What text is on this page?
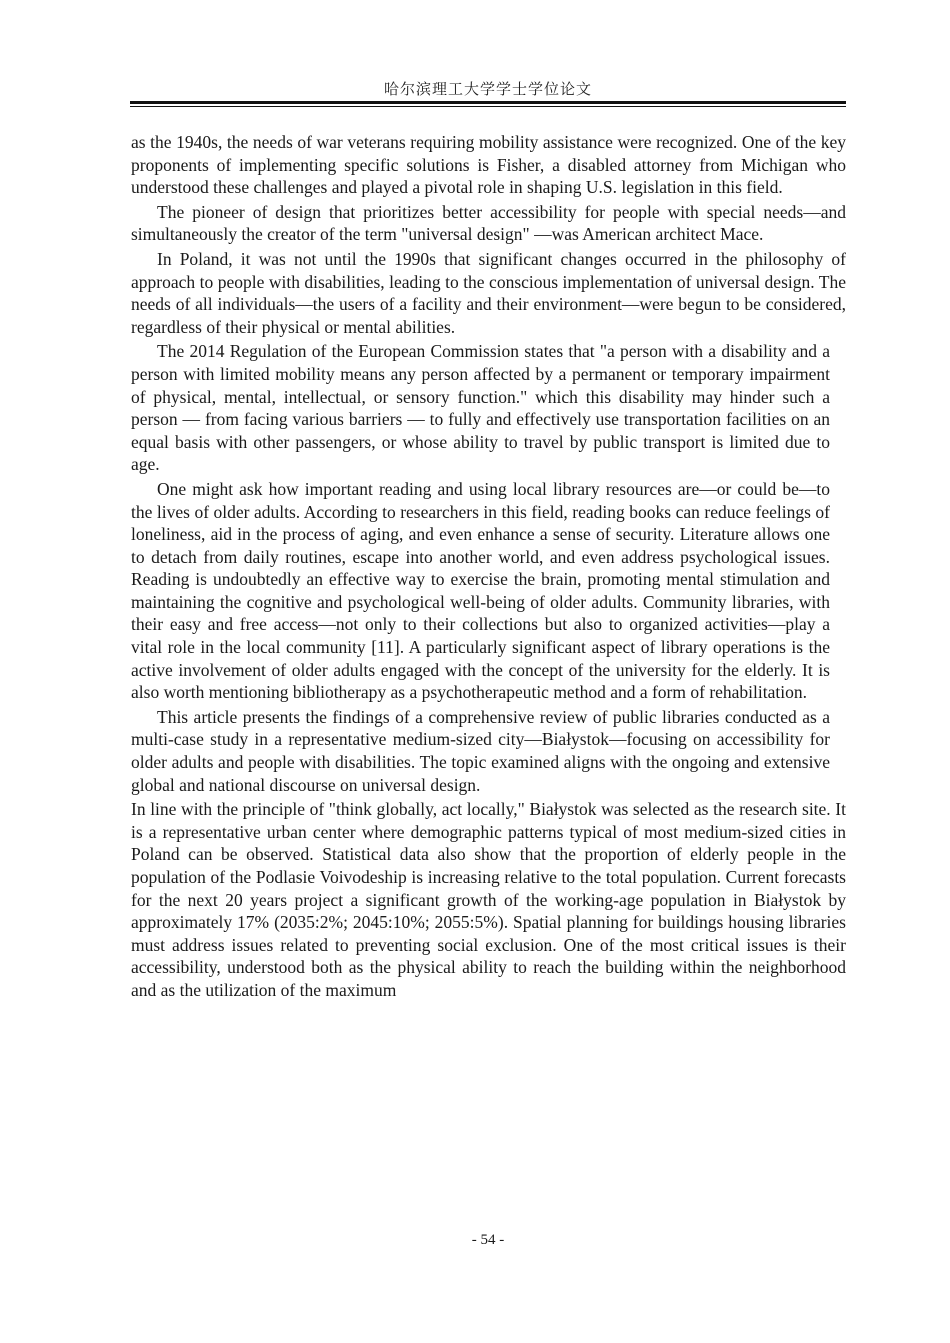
哈尔滨理工大学学士学位论文

as the 1940s, the needs of war veterans requiring mobility assistance were recognized. One of the key proponents of implementing specific solutions is Fisher, a disabled attorney from Michigan who understood these challenges and played a pivotal role in shaping U.S. legislation in this field.

The pioneer of design that prioritizes better accessibility for people with special needs—and simultaneously the creator of the term "universal design" —was American architect Mace.

In Poland, it was not until the 1990s that significant changes occurred in the philosophy of approach to people with disabilities, leading to the conscious implementation of universal design. The needs of all individuals—the users of a facility and their environment—were begun to be considered, regardless of their physical or mental abilities.

The 2014 Regulation of the European Commission states that "a person with a disability and a person with limited mobility means any person affected by a permanent or temporary impairment of physical, mental, intellectual, or sensory function." which this disability may hinder such a person — from facing various barriers — to fully and effectively use transportation facilities on an equal basis with other passengers, or whose ability to travel by public transport is limited due to age.

One might ask how important reading and using local library resources are—or could be—to the lives of older adults. According to researchers in this field, reading books can reduce feelings of loneliness, aid in the process of aging, and even enhance a sense of security. Literature allows one to detach from daily routines, escape into another world, and even address psychological issues. Reading is undoubtedly an effective way to exercise the brain, promoting mental stimulation and maintaining the cognitive and psychological well-being of older adults. Community libraries, with their easy and free access—not only to their collections but also to organized activities—play a vital role in the local community [11]. A particularly significant aspect of library operations is the active involvement of older adults engaged with the concept of the university for the elderly. It is also worth mentioning bibliotherapy as a psychotherapeutic method and a form of rehabilitation.

This article presents the findings of a comprehensive review of public libraries conducted as a multi-case study in a representative medium-sized city—Białystok—focusing on accessibility for older adults and people with disabilities. The topic examined aligns with the ongoing and extensive global and national discourse on universal design.

In line with the principle of "think globally, act locally," Białystok was selected as the research site. It is a representative urban center where demographic patterns typical of most medium-sized cities in Poland can be observed. Statistical data also show that the proportion of elderly people in the population of the Podlasie Voivodeship is increasing relative to the total population. Current forecasts for the next 20 years project a significant growth of the working-age population in Białystok by approximately 17% (2035:2%; 2045:10%; 2055:5%). Spatial planning for buildings housing libraries must address issues related to preventing social exclusion. One of the most critical issues is their accessibility, understood both as the physical ability to reach the building within the neighborhood and as the utilization of the maximum

- 54 -
